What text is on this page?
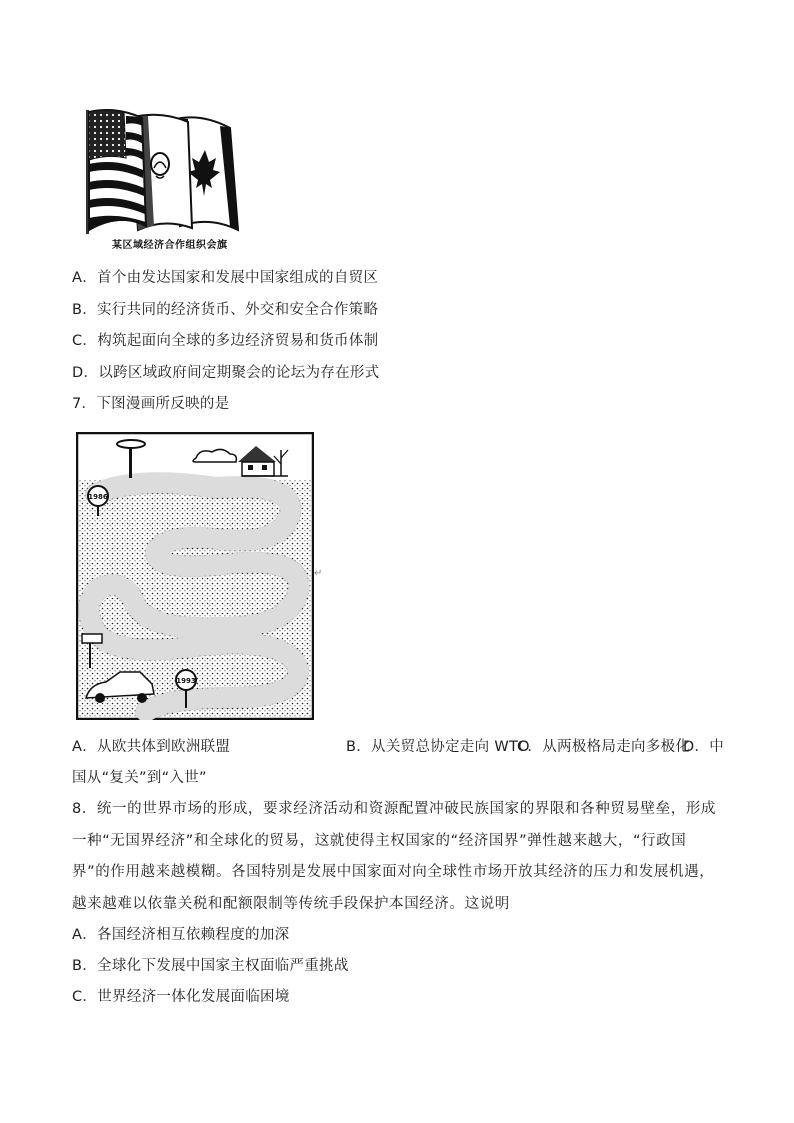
某区域经济合作组织会旗
A．首个由发达国家和发展中国家组成的自贸区
B．实行共同的经济货币、外交和安全合作策略
C．构筑起面向全球的多边经济贸易和货币体制
D．以跨区域政府间定期聚会的论坛为存在形式
7．下图漫画所反映的是
1986
1993
↵
A．从欧共体到欧洲联盟	B．从关贸总协定走向 WTO
C．从两极格局走向多极化
D．中
国从“复关”到“入世”
8．统一的世界市场的形成，要求经济活动和资源配置冲破民族国家的界限和各种贸易壁垒，形成一种“无国界经济”和全球化的贸易，这就使得主权国家的“经济国界”弹性越来越大，“行政国界”的作用越来越模糊。各国特别是发展中国家面对向全球性市场开放其经济的压力和发展机遇，越来越难以依靠关税和配额限制等传统手段保护本国经济。这说明
A．各国经济相互依赖程度的加深
B．全球化下发展中国家主权面临严重挑战
C．世界经济一体化发展面临困境
